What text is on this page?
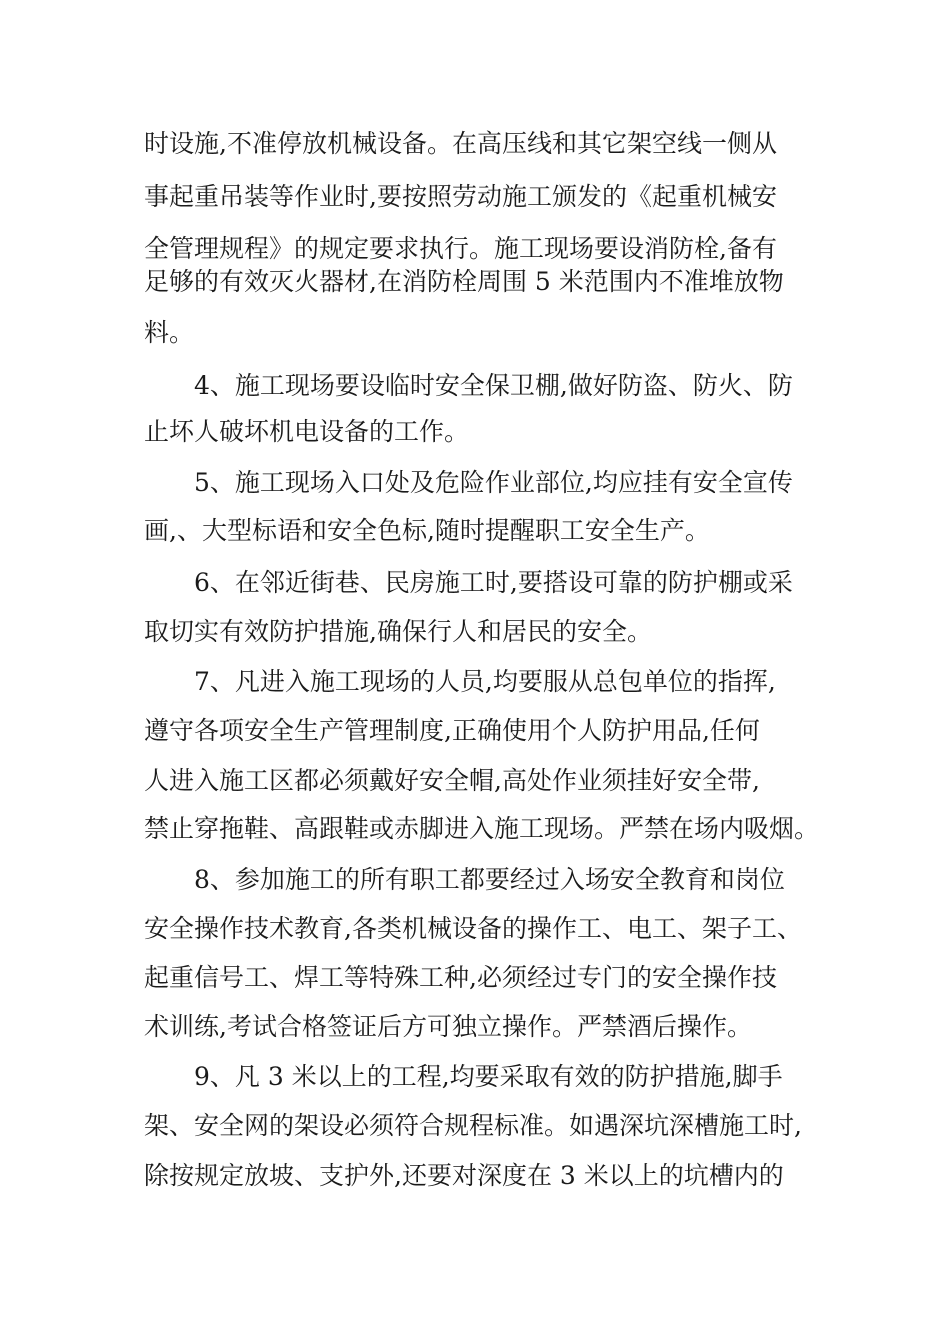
时设施,不准停放机械设备。在高压线和其它架空线一侧从
事起重吊装等作业时,要按照劳动施工颁发的《起重机械安
全管理规程》的规定要求执行。施工现场要设消防栓,备有
足够的有效灭火器材,在消防栓周围 5 米范围内不准堆放物
料。
4、施工现场要设临时安全保卫棚,做好防盗、防火、防
止坏人破坏机电设备的工作。
5、施工现场入口处及危险作业部位,均应挂有安全宣传
画,、大型标语和安全色标,随时提醒职工安全生产。
6、在邻近街巷、民房施工时,要搭设可靠的防护棚或采
取切实有效防护措施,确保行人和居民的安全。
7、凡进入施工现场的人员,均要服从总包单位的指挥,
遵守各项安全生产管理制度,正确使用个人防护用品,任何
人进入施工区都必须戴好安全帽,高处作业须挂好安全带,
禁止穿拖鞋、高跟鞋或赤脚进入施工现场。严禁在场内吸烟。
8、参加施工的所有职工都要经过入场安全教育和岗位
安全操作技术教育,各类机械设备的操作工、电工、架子工、
起重信号工、焊工等特殊工种,必须经过专门的安全操作技
术训练,考试合格签证后方可独立操作。严禁酒后操作。
9、凡 3 米以上的工程,均要采取有效的防护措施,脚手
架、安全网的架设必须符合规程标准。如遇深坑深槽施工时,
除按规定放坡、支护外,还要对深度在 3 米以上的坑槽内的
